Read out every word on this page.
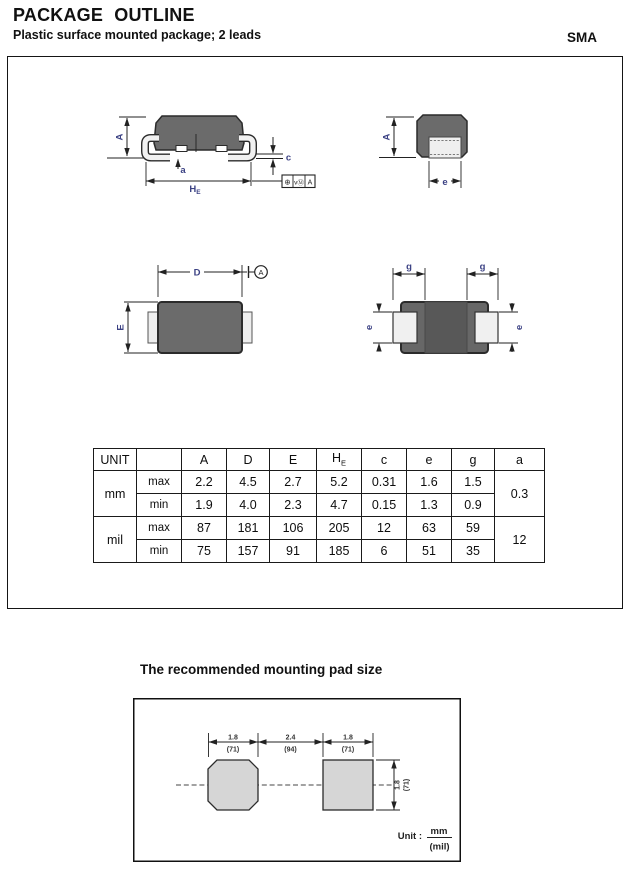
PACKAGE OUTLINE
Plastic surface mounted package; 2 leads	SMA
A
a
c
$H_E$
⊕ vⓂ A
A
e
D	A
E
g	g
e	e
UNIT		A	D	E	$H_E$	c	e	g	a
mm	max	2.2	4.5	2.7	5.2	0.31	1.6	1.5	0.3
	min	1.9	4.0	2.3	4.7	0.15	1.3	0.9	
mil	max	87	181	106	205	12	63	59	12
	min	75	157	91	185	6	51	35	
The recommended mounting pad size
1.8
(71)
2.4
(94)
1.8
(71)
1.8 (71)
Unit : mm
(mil)
